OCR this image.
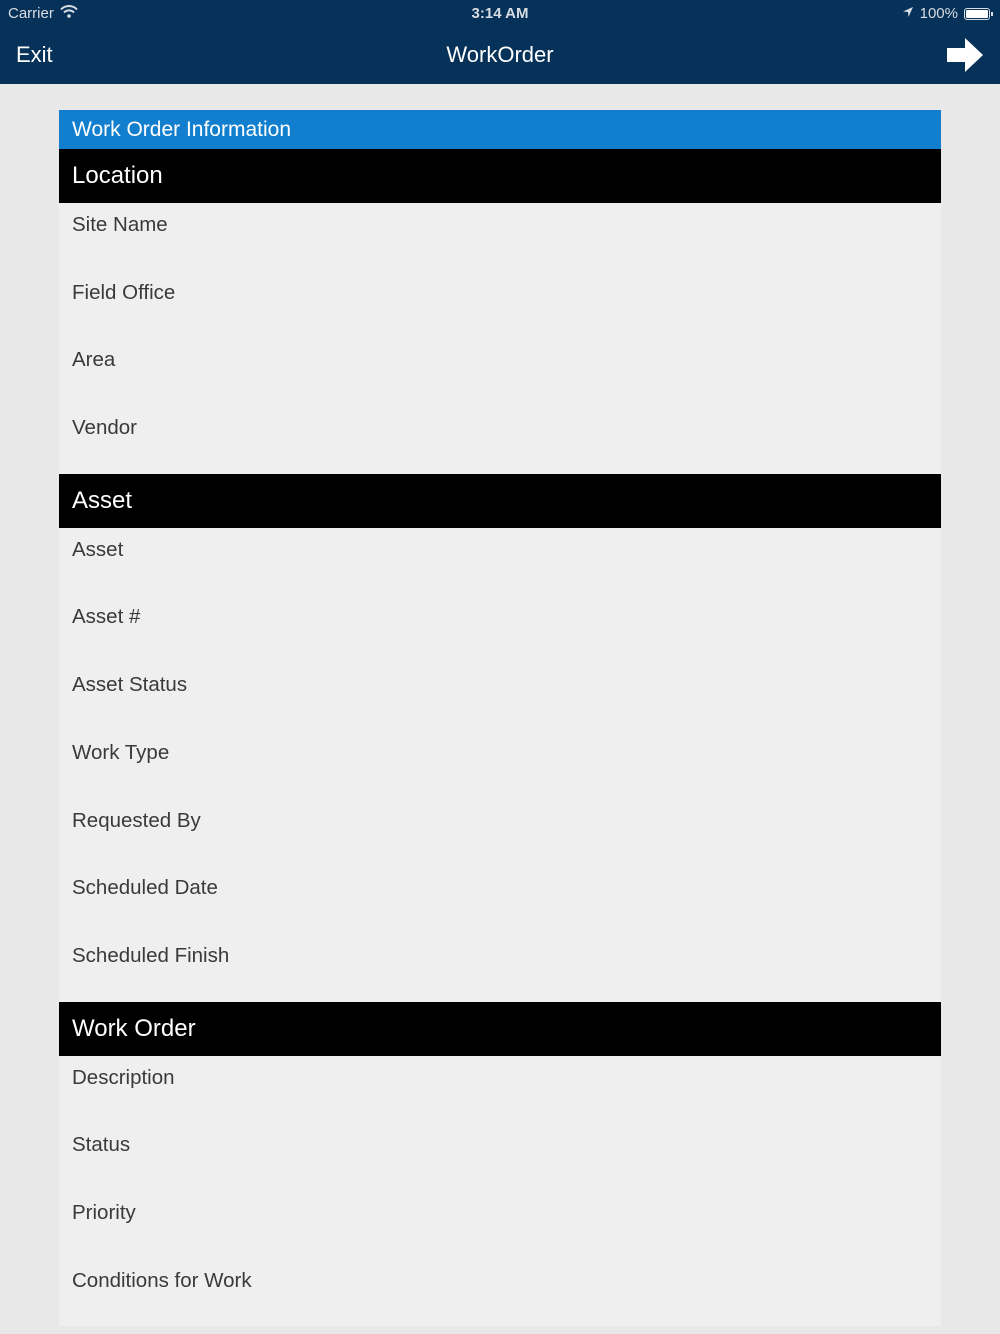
Carrier	3:14 AM	100%
Exit	WorkOrder
Work Order Information
Location
Site Name
Field Office
Area
Vendor
Asset
Asset
Asset #
Asset Status
Work Type
Requested By
Scheduled Date
Scheduled Finish
Work Order
Description
Status
Priority
Conditions for Work
